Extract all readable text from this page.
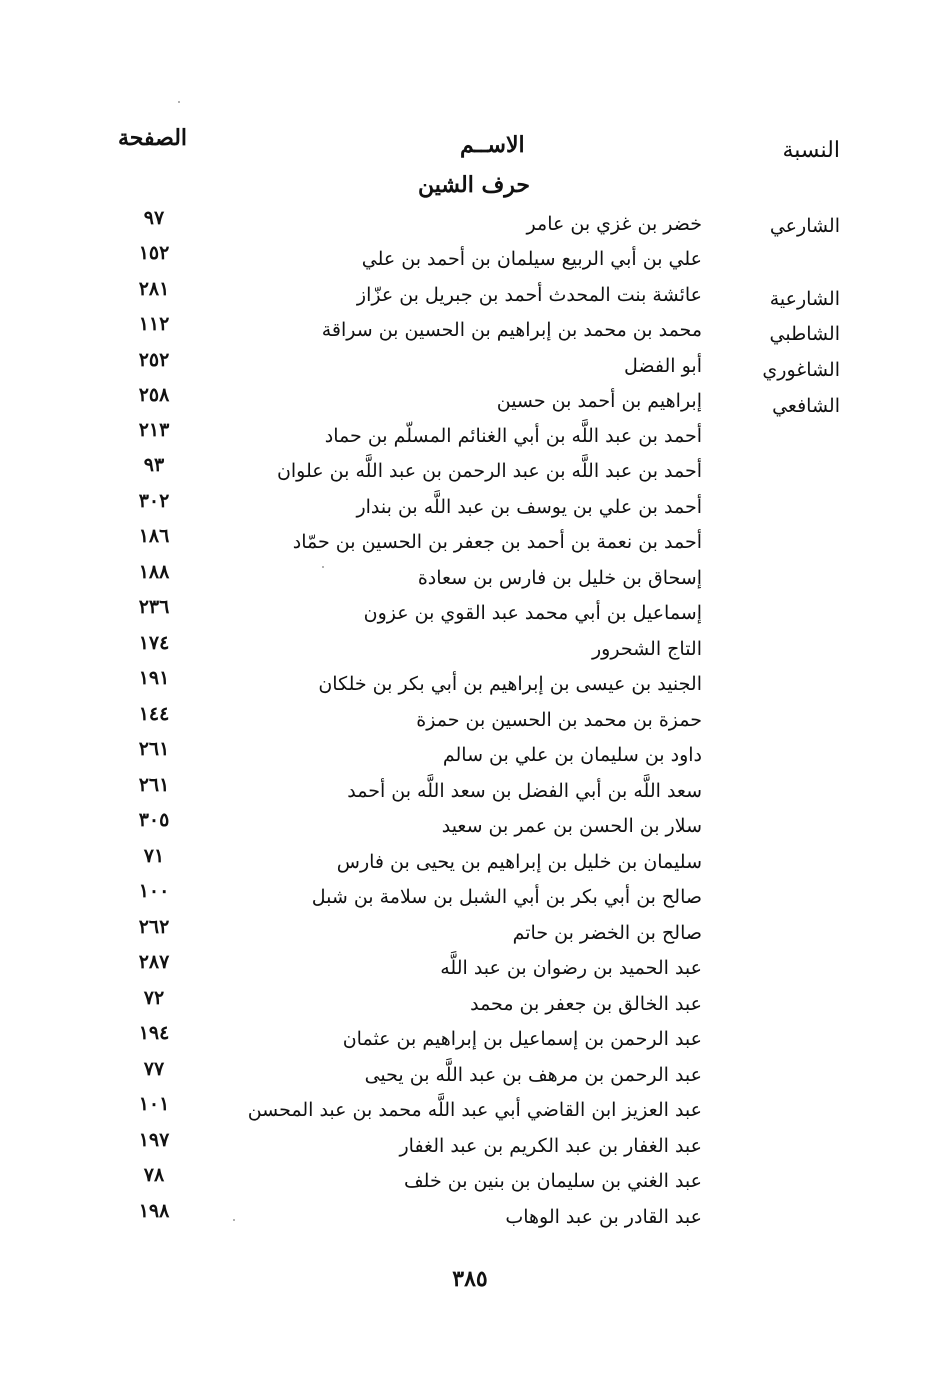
النسبة
الاســم
الصفحة
حرف الشين
الشارعي
الشارعية
الشاطبي
الشاغوري
الشافعي
خضر بن غزي بن عامر
٩٧
علي بن أبي الربيع سيلمان بن أحمد بن علي
١٥٢
عائشة بنت المحدث أحمد بن جبريل بن عزّاز
٢٨١
محمد بن محمد بن إبراهيم بن الحسين بن سراقة
١١٢
أبو الفضل
٢٥٢
إبراهيم بن أحمد بن حسين
٢٥٨
أحمد بن عبد اللَّه بن أبي الغنائم المسلّم بن حماد
٢١٣
أحمد بن عبد اللَّه بن عبد الرحمن بن عبد اللَّه بن علوان
٩٣
أحمد بن علي بن يوسف بن عبد اللَّه بن بندار
٣٠٢
أحمد بن نعمة بن أحمد بن جعفر بن الحسين بن حمّاد
١٨٦
إسحاق بن خليل بن فارس بن سعادة
١٨٨
إسماعيل بن أبي محمد عبد القوي بن عزون
٢٣٦
التاج الشحرور
١٧٤
الجنيد بن عيسى بن إبراهيم بن أبي بكر بن خلكان
١٩١
حمزة بن محمد بن الحسين بن حمزة
١٤٤
داود بن سليمان بن علي بن سالم
٢٦١
سعد اللَّه بن أبي الفضل بن سعد اللَّه بن أحمد
٢٦١
سلار بن الحسن بن عمر بن سعيد
٣٠٥
سليمان بن خليل بن إبراهيم بن يحيى بن فارس
٧١
صالح بن أبي بكر بن أبي الشبل بن سلامة بن شبل
١٠٠
صالح بن الخضر بن حاتم
٢٦٢
عبد الحميد بن رضوان بن عبد اللَّه
٢٨٧
عبد الخالق بن جعفر بن محمد
٧٢
عبد الرحمن بن إسماعيل بن إبراهيم بن عثمان
١٩٤
عبد الرحمن بن مرهف بن عبد اللَّه بن يحيى
٧٧
عبد العزيز ابن القاضي أبي عبد اللَّه محمد بن عبد المحسن
١٠١
عبد الغفار بن عبد الكريم بن عبد الغفار
١٩٧
عبد الغني بن سليمان بن بنين بن خلف
٧٨
عبد القادر بن عبد الوهاب
١٩٨
٣٨٥
